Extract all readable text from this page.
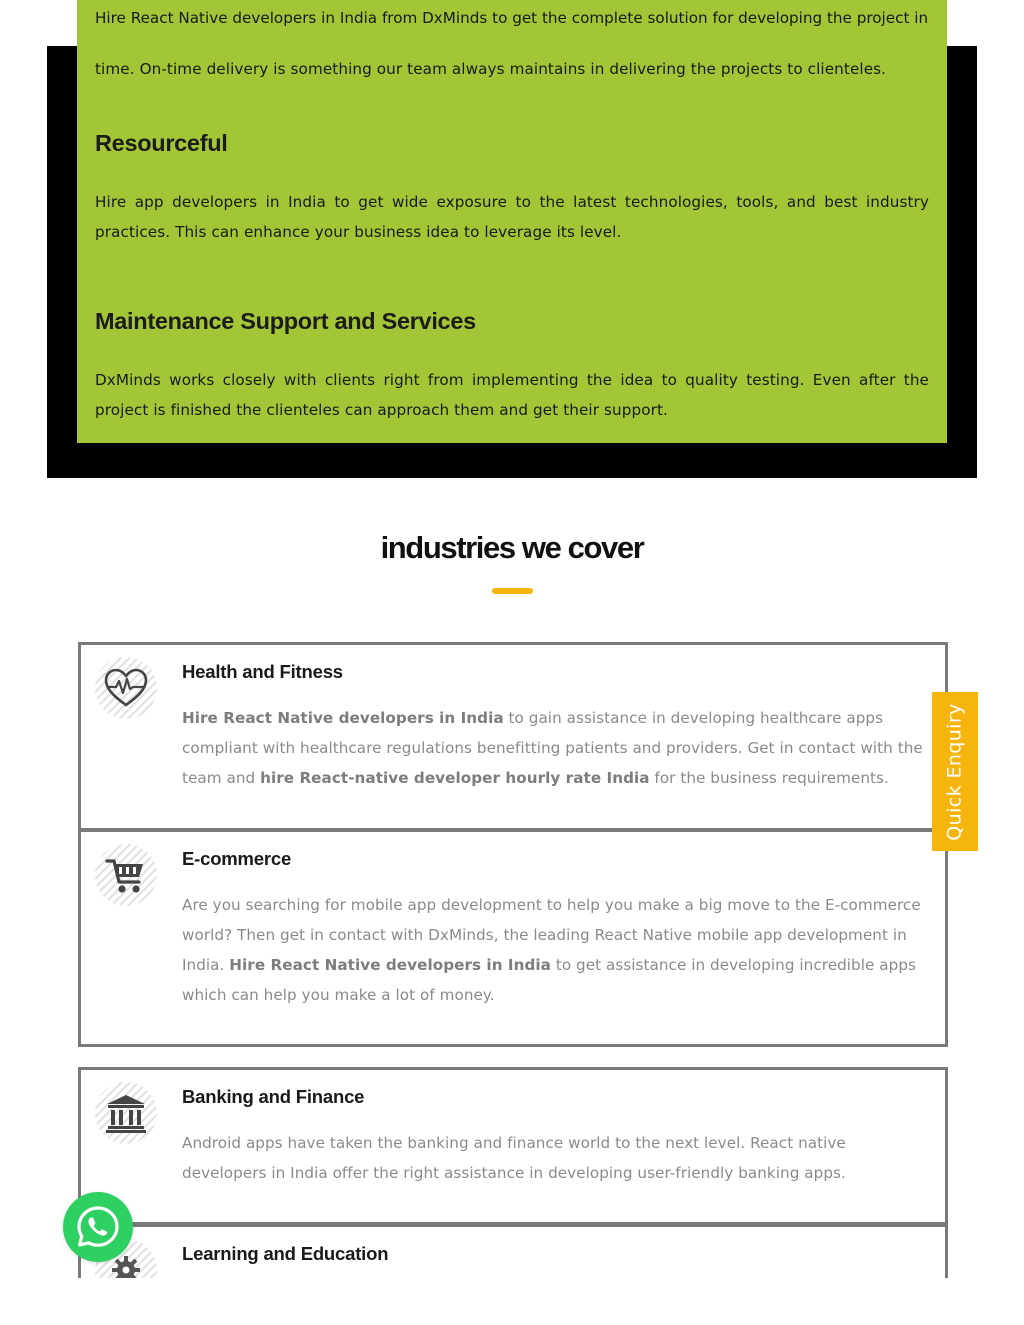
Hire React Native developers in India from DxMinds to get the complete solution for developing the project in

time. On-time delivery is something our team always maintains in delivering the projects to clienteles.

Resourceful

Hire app developers in India to get wide exposure to the latest technologies, tools, and best industry practices. This can enhance your business idea to leverage its level.

Maintenance Support and Services

DxMinds works closely with clients right from implementing the idea to quality testing. Even after the project is finished the clienteles can approach them and get their support.

industries we cover
Health and Fitness

Hire React Native developers in India to gain assistance in developing healthcare apps compliant with healthcare regulations benefitting patients and providers. Get in contact with the team and hire React-native developer hourly rate India for the business requirements.

E-commerce

Are you searching for mobile app development to help you make a big move to the E-commerce world? Then get in contact with DxMinds, the leading React Native mobile app development in India. Hire React Native developers in India to get assistance in developing incredible apps which can help you make a lot of money.

Banking and Finance

Android apps have taken the banking and finance world to the next level. React native developers in India offer the right assistance in developing user-friendly banking apps.

Learning and Education
Quick Enquiry
